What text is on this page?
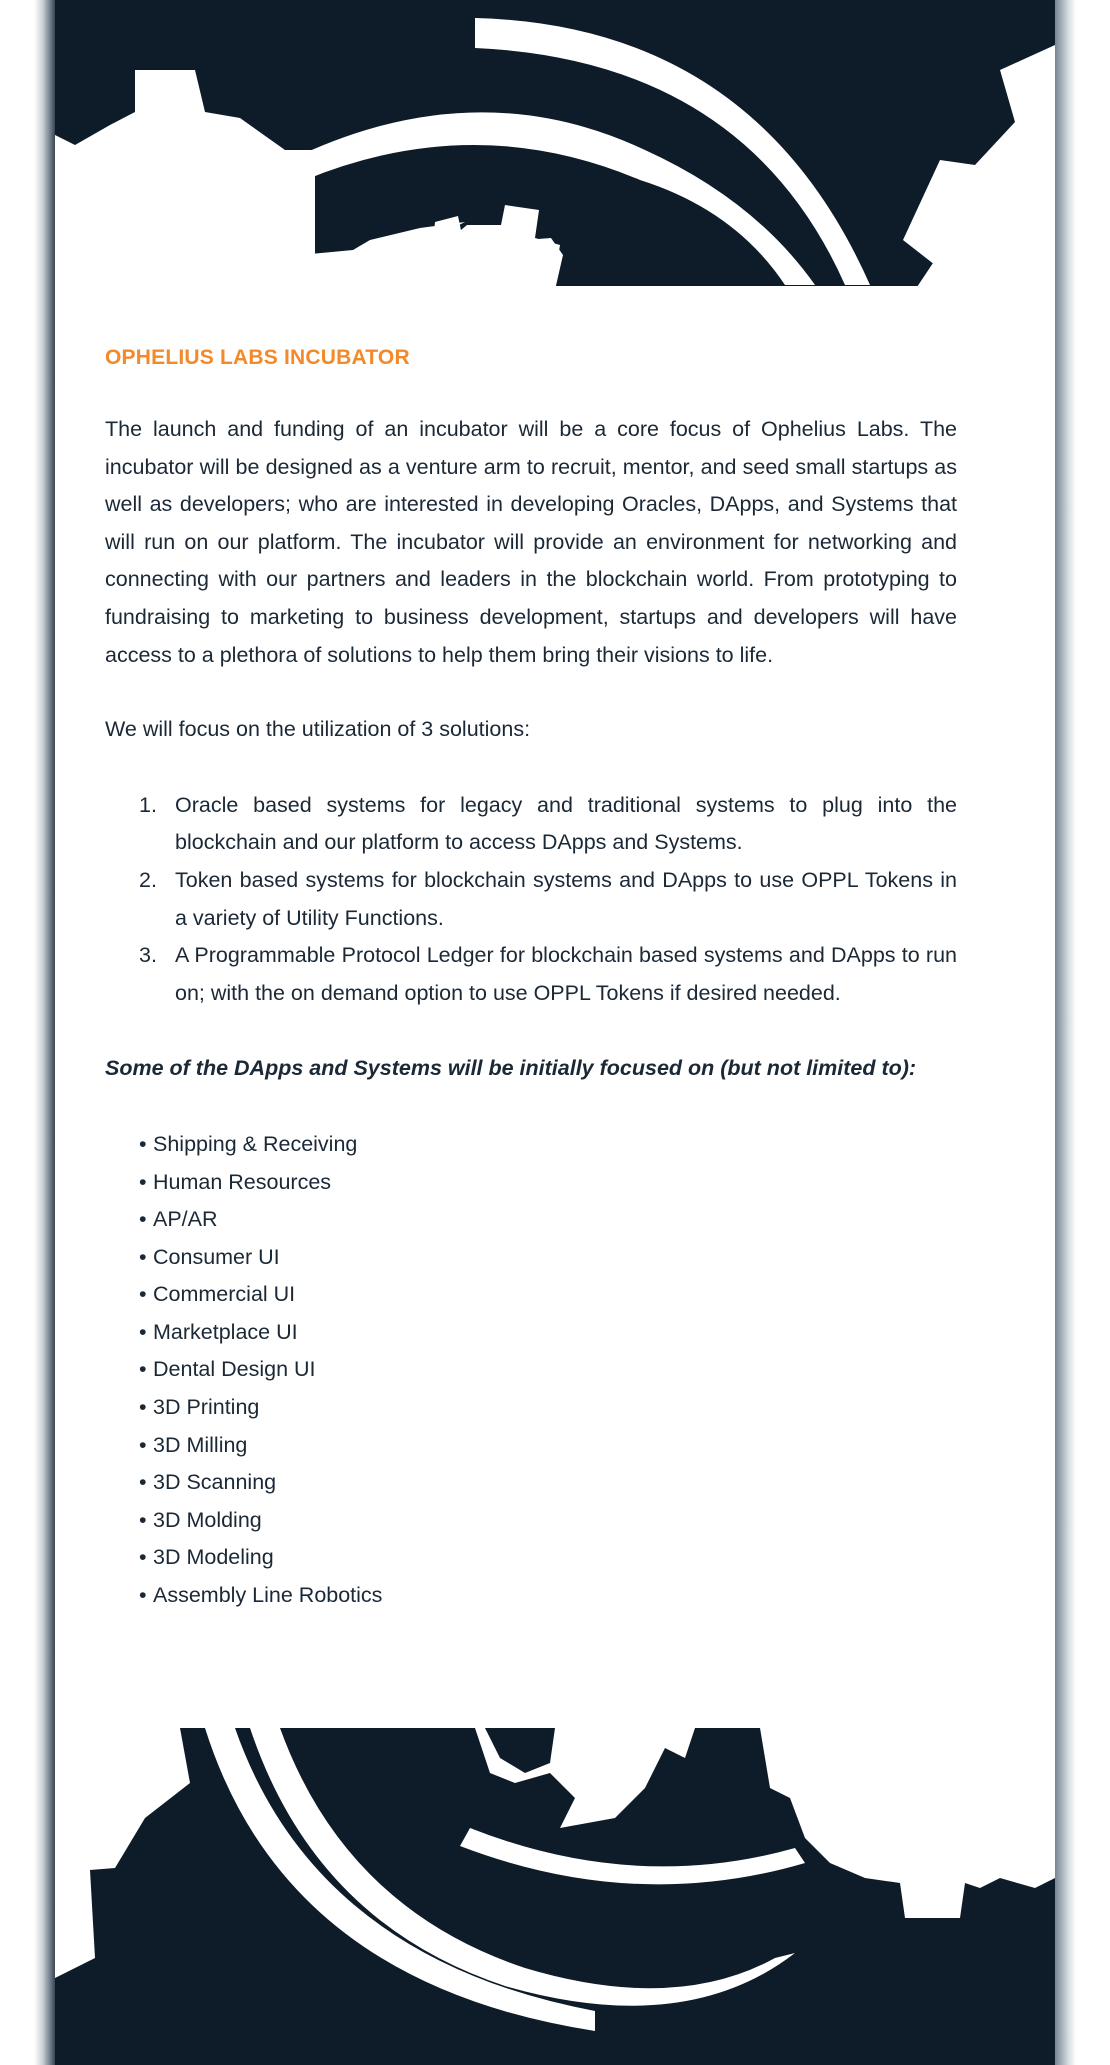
OPHELIUS LABS INCUBATOR

The launch and funding of an incubator will be a core focus of Ophelius Labs. The incubator will be designed as a venture arm to recruit, mentor, and seed small startups as well as developers; who are interested in developing Oracles, DApps, and Systems that will run on our platform. The incubator will provide an environment for networking and connecting with our partners and leaders in the blockchain world. From prototyping to fundraising to marketing to business development, startups and developers will have access to a plethora of solutions to help them bring their visions to life.

We will focus on the utilization of 3 solutions:

1. Oracle based systems for legacy and traditional systems to plug into the blockchain and our platform to access DApps and Systems.
2. Token based systems for blockchain systems and DApps to use OPPL Tokens in a variety of Utility Functions.
3. A Programmable Protocol Ledger for blockchain based systems and DApps to run on; with the on demand option to use OPPL Tokens if desired needed.

Some of the DApps and Systems will be initially focused on (but not limited to):

• Shipping & Receiving
• Human Resources
• AP/AR
• Consumer UI
• Commercial UI
• Marketplace UI
• Dental Design UI
• 3D Printing
• 3D Milling
• 3D Scanning
• 3D Molding
• 3D Modeling
• Assembly Line Robotics
